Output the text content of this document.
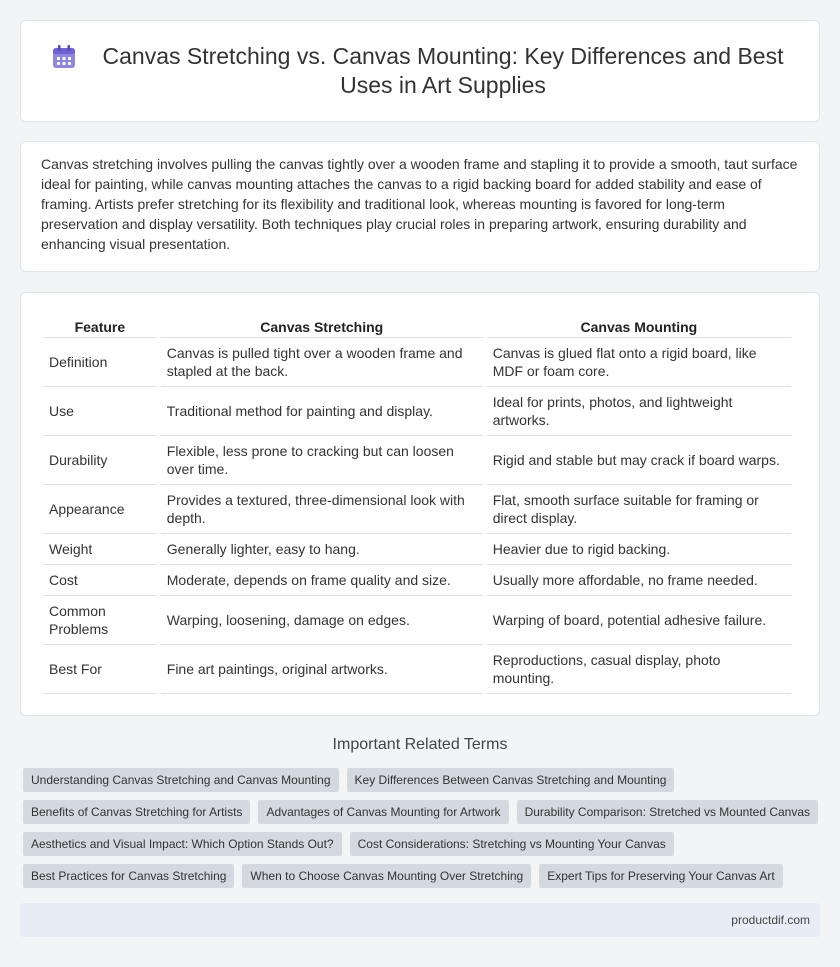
Canvas Stretching vs. Canvas Mounting: Key Differences and Best Uses in Art Supplies

Canvas stretching involves pulling the canvas tightly over a wooden frame and stapling it to provide a smooth, taut surface ideal for painting, while canvas mounting attaches the canvas to a rigid backing board for added stability and ease of framing. Artists prefer stretching for its flexibility and traditional look, whereas mounting is favored for long-term preservation and display versatility. Both techniques play crucial roles in preparing artwork, ensuring durability and enhancing visual presentation.

Feature	Canvas Stretching	Canvas Mounting
Definition	Canvas is pulled tight over a wooden frame and stapled at the back.	Canvas is glued flat onto a rigid board, like MDF or foam core.
Use	Traditional method for painting and display.	Ideal for prints, photos, and lightweight artworks.
Durability	Flexible, less prone to cracking but can loosen over time.	Rigid and stable but may crack if board warps.
Appearance	Provides a textured, three-dimensional look with depth.	Flat, smooth surface suitable for framing or direct display.
Weight	Generally lighter, easy to hang.	Heavier due to rigid backing.
Cost	Moderate, depends on frame quality and size.	Usually more affordable, no frame needed.
Common Problems	Warping, loosening, damage on edges.	Warping of board, potential adhesive failure.
Best For	Fine art paintings, original artworks.	Reproductions, casual display, photo mounting.
Important Related Terms
Understanding Canvas Stretching and Canvas Mounting	Key Differences Between Canvas Stretching and Mounting
Benefits of Canvas Stretching for Artists	Advantages of Canvas Mounting for Artwork	Durability Comparison: Stretched vs Mounted Canvas
Aesthetics and Visual Impact: Which Option Stands Out?	Cost Considerations: Stretching vs Mounting Your Canvas
Best Practices for Canvas Stretching	When to Choose Canvas Mounting Over Stretching	Expert Tips for Preserving Your Canvas Art
productdif.com
